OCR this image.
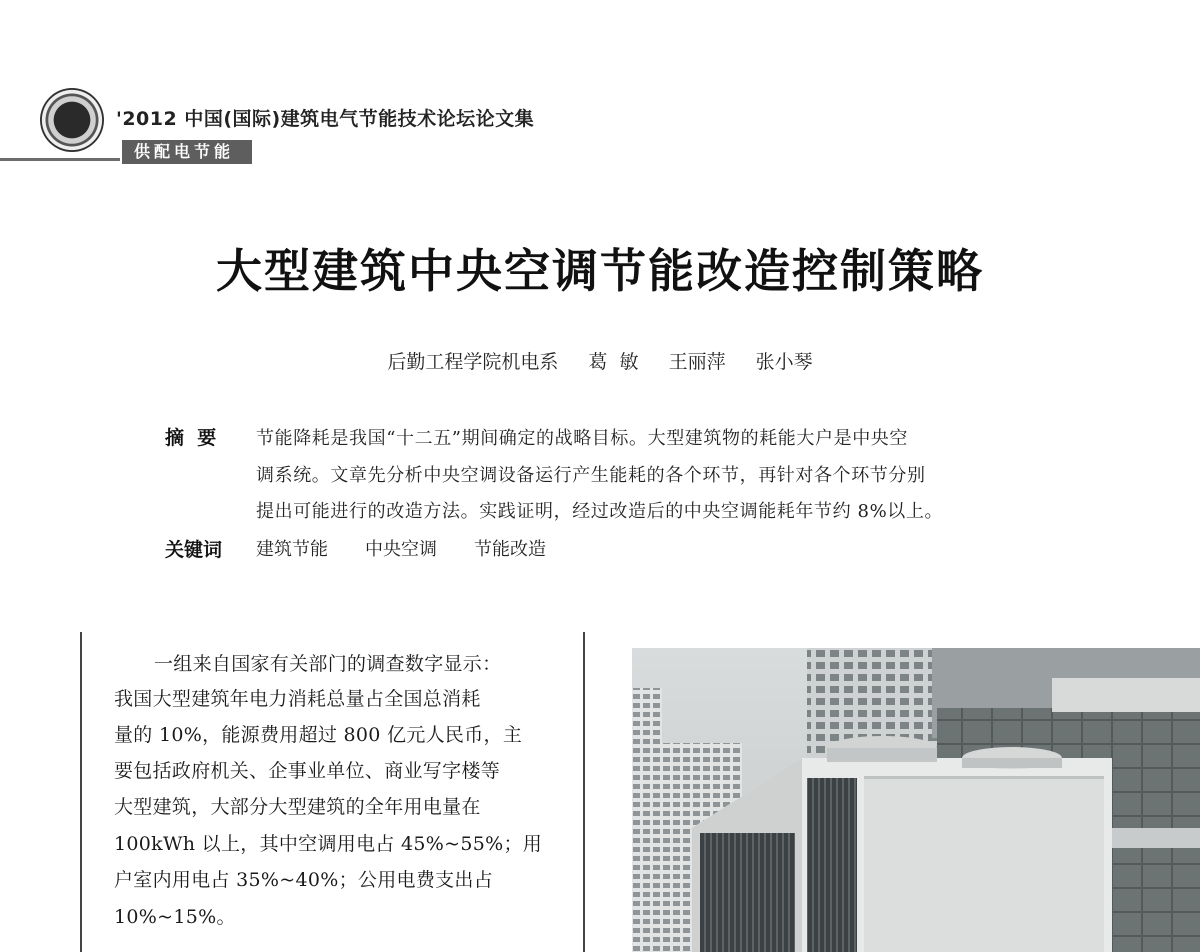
'2012 中国(国际)建筑电气节能技术论坛论文集
供配电节能
大型建筑中央空调节能改造控制策略
后勤工程学院机电系 葛  敏 王丽萍 张小琴
摘  要 节能降耗是我国“十二五”期间确定的战略目标。大型建筑物的耗能大户是中央空
调系统。文章先分析中央空调设备运行产生能耗的各个环节，再针对各个环节分别
提出可能进行的改造方法。实践证明，经过改造后的中央空调能耗年节约 8%以上。
关键词 建筑节能 中央空调 节能改造
一组来自国家有关部门的调查数字显示：
我国大型建筑年电力消耗总量占全国总消耗
量的 10%，能源费用超过 800 亿元人民币，主
要包括政府机关、企事业单位、商业写字楼等
大型建筑，大部分大型建筑的全年用电量在
100kWh 以上，其中空调用电占 45%~55%；用
户室内用电占 35%~40%；公用电费支出占
10%~15%。
